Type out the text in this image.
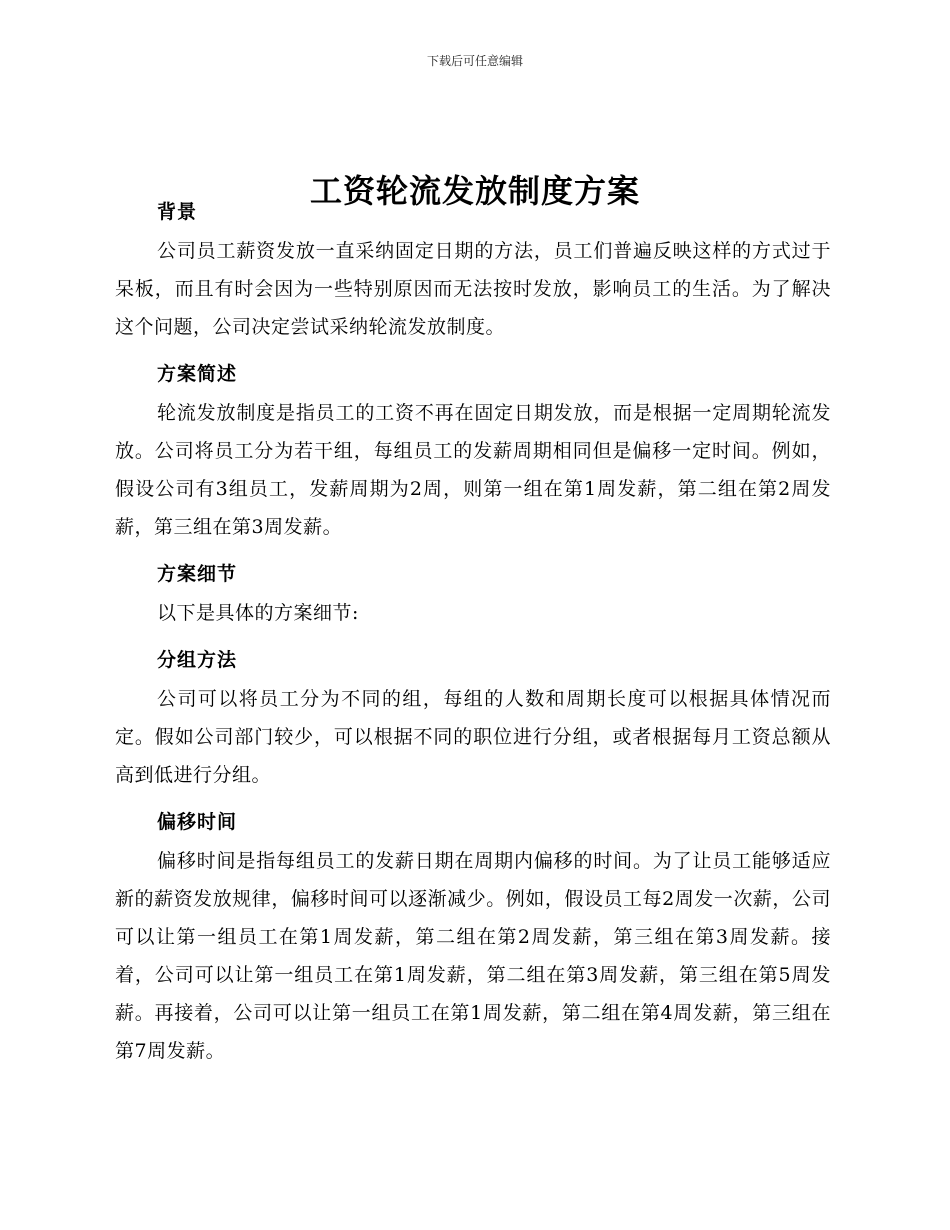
下载后可任意编辑
工资轮流发放制度方案
背景

公司员工薪资发放一直采纳固定日期的方法，员工们普遍反映这样的方式过于呆板，而且有时会因为一些特别原因而无法按时发放，影响员工的生活。为了解决这个问题，公司决定尝试采纳轮流发放制度。

方案简述

轮流发放制度是指员工的工资不再在固定日期发放，而是根据一定周期轮流发放。公司将员工分为若干组，每组员工的发薪周期相同但是偏移一定时间。例如，假设公司有3组员工，发薪周期为2周，则第一组在第1周发薪，第二组在第2周发薪，第三组在第3周发薪。

方案细节

以下是具体的方案细节:

分组方法

公司可以将员工分为不同的组，每组的人数和周期长度可以根据具体情况而定。假如公司部门较少，可以根据不同的职位进行分组，或者根据每月工资总额从高到低进行分组。

偏移时间

偏移时间是指每组员工的发薪日期在周期内偏移的时间。为了让员工能够适应新的薪资发放规律，偏移时间可以逐渐减少。例如，假设员工每2周发一次薪，公司可以让第一组员工在第1周发薪，第二组在第2周发薪，第三组在第3周发薪。接着，公司可以让第一组员工在第1周发薪，第二组在第3周发薪，第三组在第5周发薪。再接着，公司可以让第一组员工在第1周发薪，第二组在第4周发薪，第三组在第7周发薪。
